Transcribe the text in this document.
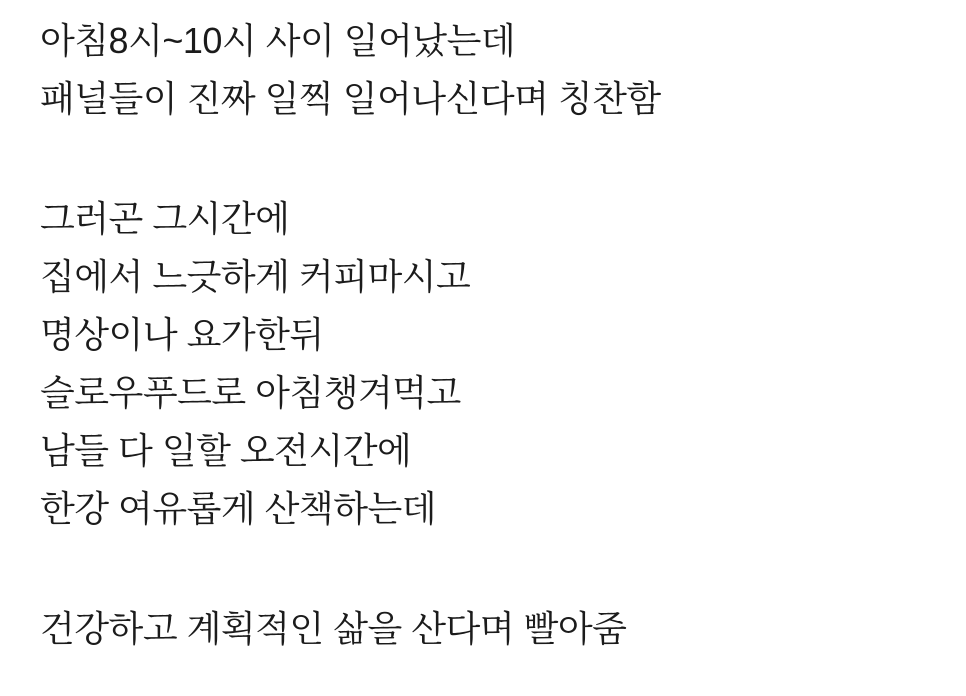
아침8시~10시 사이 일어났는데
패널들이 진짜 일찍 일어나신다며 칭찬함
그러곤 그시간에
집에서 느긋하게 커피마시고
명상이나 요가한뒤
슬로우푸드로 아침챙겨먹고
남들 다 일할 오전시간에
한강 여유롭게 산책하는데
건강하고 계획적인 삶을 산다며 빨아줌
